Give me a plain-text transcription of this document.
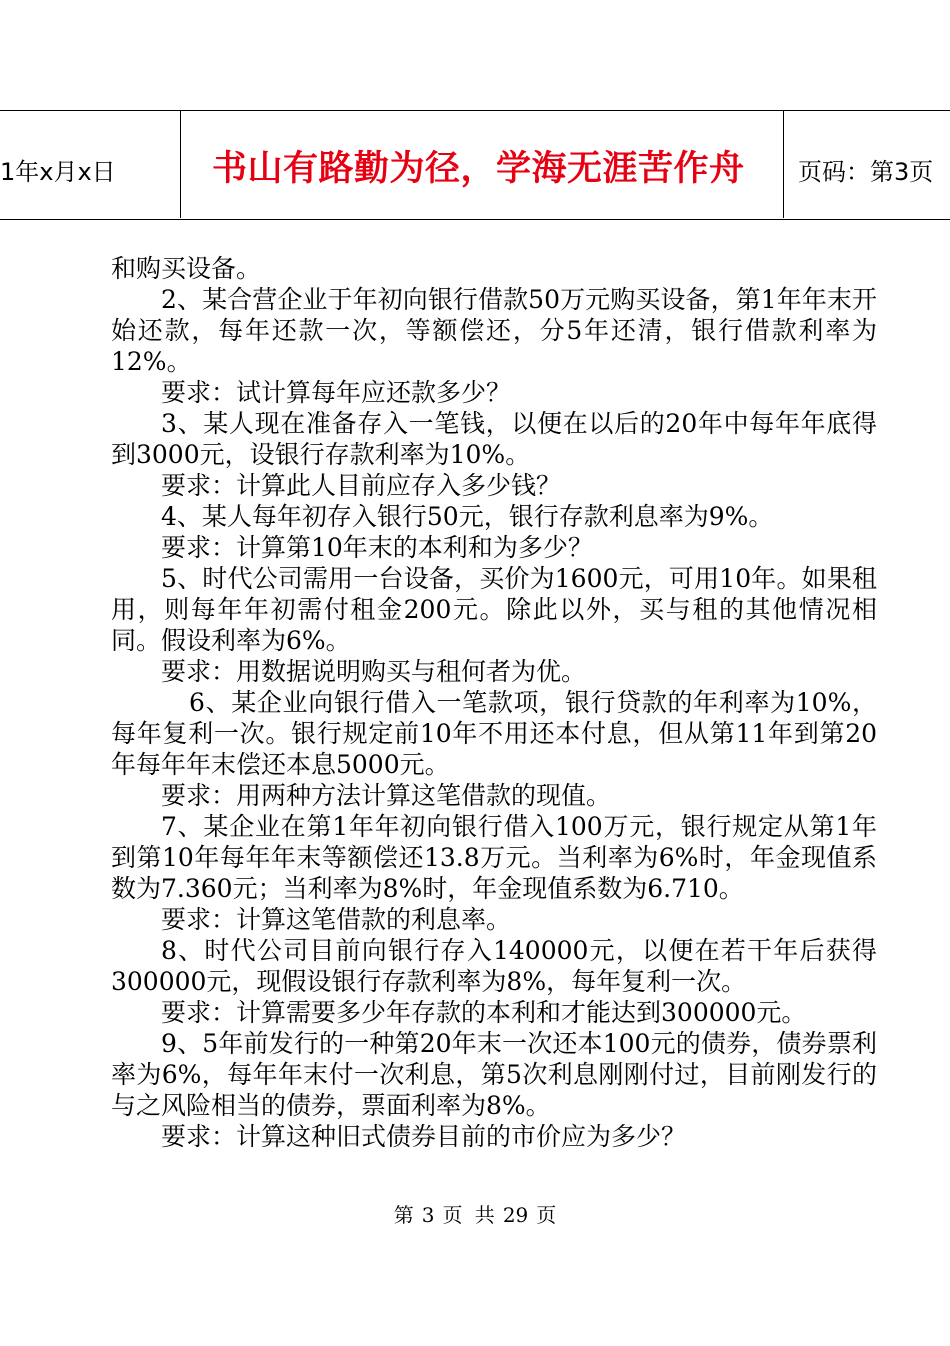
1年x月x日	书山有路勤为径，学海无涯苦作舟 页码：第3页

和购买设备。

2、某合营企业于年初向银行借款50万元购买设备，第1年年末开始还款，每年还款一次，等额偿还，分5年还清，银行借款利率为12%。

要求：试计算每年应还款多少？

3、某人现在准备存入一笔钱，以便在以后的20年中每年年底得到3000元，设银行存款利率为10%。

要求：计算此人目前应存入多少钱？

4、某人每年初存入银行50元，银行存款利息率为9%。

要求：计算第10年末的本利和为多少？

5、时代公司需用一台设备，买价为1600元，可用10年。如果租用，则每年年初需付租金200元。除此以外，买与租的其他情况相同。假设利率为6%。

要求：用数据说明购买与租何者为优。

6、某企业向银行借入一笔款项，银行贷款的年利率为10%，每年复利一次。银行规定前10年不用还本付息，但从第11年到第20年每年年末偿还本息5000元。

要求：用两种方法计算这笔借款的现值。

7、某企业在第1年年初向银行借入100万元，银行规定从第1年到第10年每年年末等额偿还13.8万元。当利率为6%时，年金现值系数为7.360元；当利率为8%时，年金现值系数为6.710。

要求：计算这笔借款的利息率。

8、时代公司目前向银行存入140000元，以便在若干年后获得300000元，现假设银行存款利率为8%，每年复利一次。

要求：计算需要多少年存款的本利和才能达到300000元。

9、5年前发行的一种第20年末一次还本100元的债券，债券票利率为6%，每年年末付一次利息，第5次利息刚刚付过，目前刚发行的与之风险相当的债券，票面利率为8%。

要求：计算这种旧式债券目前的市价应为多少？

第 3 页 共 29 页
